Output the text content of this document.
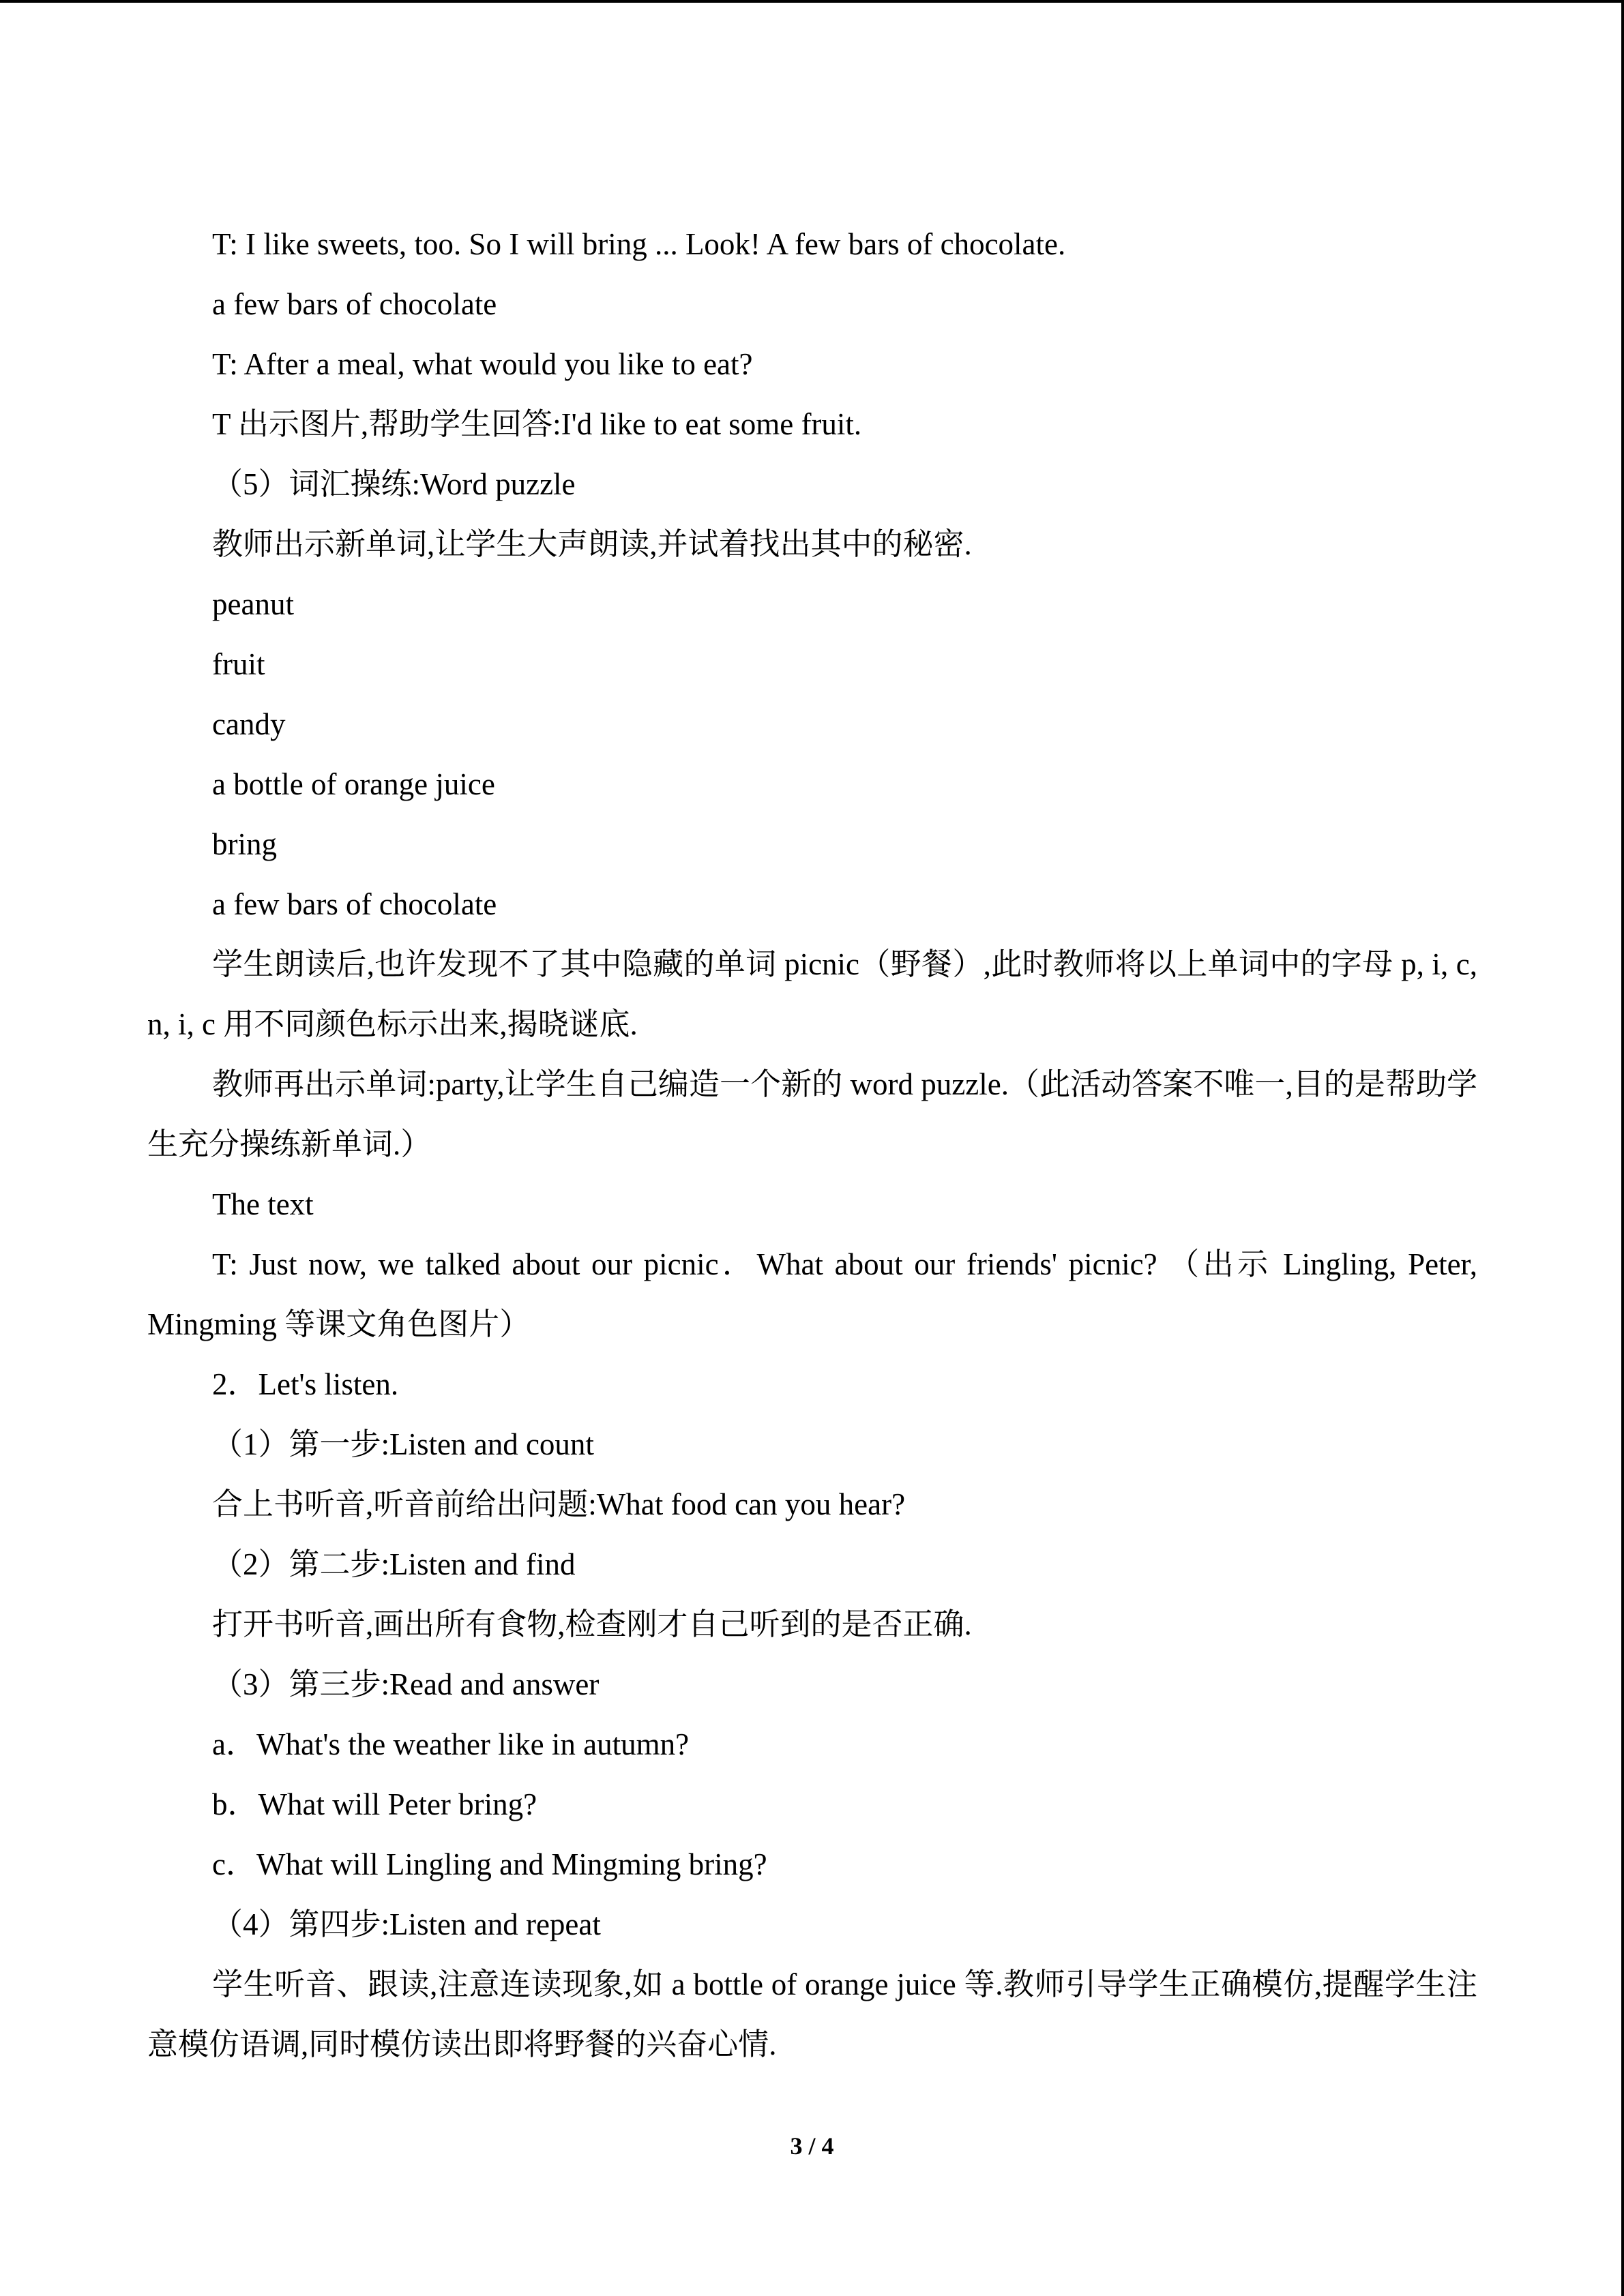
T: I like sweets, too. So I will bring ... Look! A few bars of chocolate.

a few bars of chocolate

T: After a meal, what would you like to eat?

T 出示图片,帮助学生回答:I'd like to eat some fruit.

（5）词汇操练:Word puzzle

教师出示新单词,让学生大声朗读,并试着找出其中的秘密.

peanut

fruit

candy

a bottle of orange juice

bring

a few bars of chocolate

学生朗读后,也许发现不了其中隐藏的单词 picnic（野餐）,此时教师将以上单词中的字母 p, i, c, n, i, c 用不同颜色标示出来,揭晓谜底.

教师再出示单词:party,让学生自己编造一个新的 word puzzle.（此活动答案不唯一,目的是帮助学生充分操练新单词.）

The text

T: Just now, we talked about our picnic．What about our friends' picnic? （出示 Lingling, Peter, Mingming 等课文角色图片）

2．Let's listen.

（1）第一步:Listen and count

合上书听音,听音前给出问题:What food can you hear?

（2）第二步:Listen and find

打开书听音,画出所有食物,检查刚才自己听到的是否正确.

（3）第三步:Read and answer

a．What's the weather like in autumn?

b．What will Peter bring?

c．What will Lingling and Mingming bring?

（4）第四步:Listen and repeat

学生听音、跟读,注意连读现象,如 a bottle of orange juice 等.教师引导学生正确模仿,提醒学生注意模仿语调,同时模仿读出即将野餐的兴奋心情.

3 / 4
